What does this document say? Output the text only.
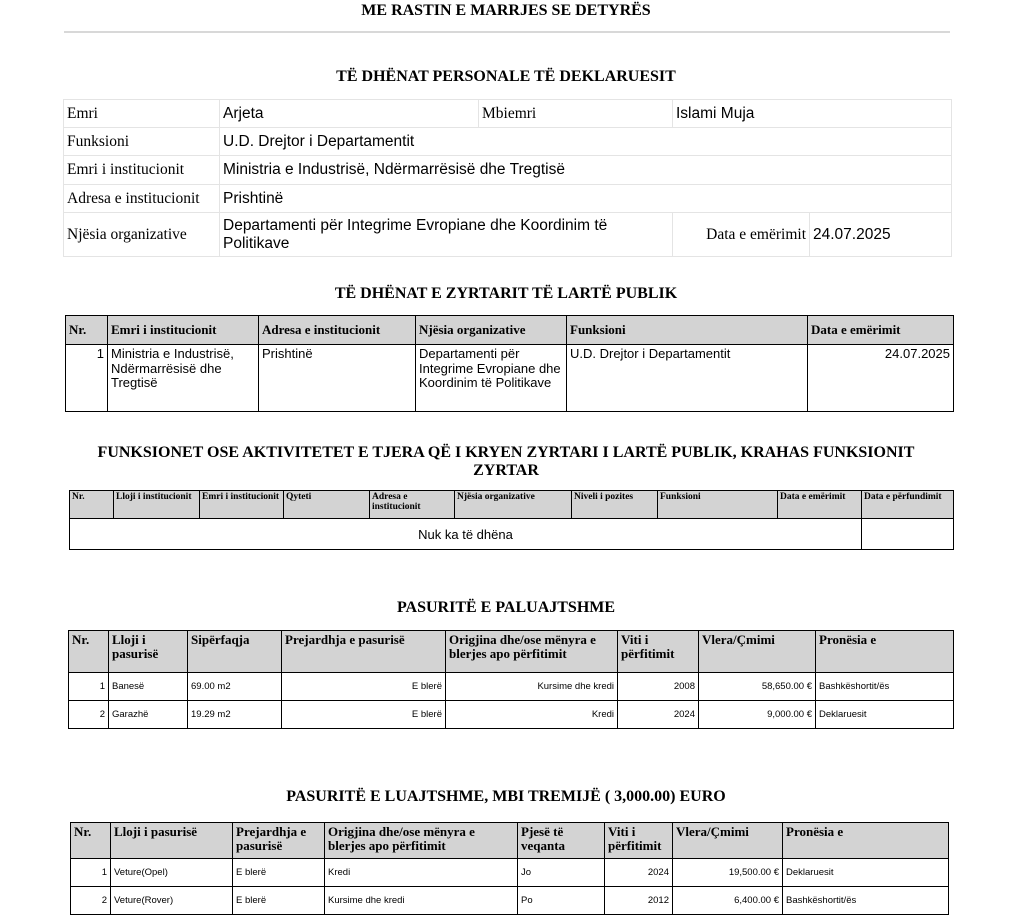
ME RASTIN E MARRJES SE DETYRËS
TË DHËNAT PERSONALE TË DEKLARUESIT
Emri	Arjeta	Mbiemri	Islami Muja	
Funksioni	U.D. Drejtor i Departamentit			
Emri i institucionit	Ministria e Industrisë, Ndërmarrësisë dhe Tregtisë			
Adresa e institucionit	Prishtinë			
Njësia organizative	Departamenti për Integrime Evropiane dhe Koordinim të Politikave		Data e emërimit	24.07.2025
TË DHËNAT E ZYRTARIT TË LARTË PUBLIK
Nr.	Emri i institucionit	Adresa e institucionit	Njësia organizative	Funksioni	Data e emërimit
1	Ministria e Industrisë, Ndërmarrësisë dhe Tregtisë	Prishtinë	Departamenti për Integrime Evropiane dhe Koordinim të Politikave	U.D. Drejtor i Departamentit	24.07.2025
FUNKSIONET OSE AKTIVITETET E TJERA QË I KRYEN ZYRTARI I LARTË PUBLIK, KRAHAS FUNKSIONIT ZYRTAR
Nr.	Lloji i institucionit	Emri i institucionit	Qyteti	Adresa e institucionit	Njësia organizative	Niveli i pozites	Funksioni	Data e emërimit	Data e përfundimit
Nuk ka të dhëna									
PASURITË E PALUAJTSHME
Nr.	Lloji i pasurisë	Sipërfaqja	Prejardhja e pasurisë	Origjina dhe/ose mënyra e blerjes apo përfitimit	Viti i përfitimit	Vlera/Çmimi	Pronësia e
1	Banesë	69.00 m2	E blerë	Kursime dhe kredi	2008	58,650.00 €	Bashkëshortit/ës
2	Garazhë	19.29 m2	E blerë	Kredi	2024	9,000.00 €	Deklaruesit
PASURITË E LUAJTSHME, MBI TREMIJË ( 3,000.00) EURO
Nr.	Lloji i pasurisë	Prejardhja e pasurisë	Origjina dhe/ose mënyra e blerjes apo përfitimit	Pjesë të veqanta	Viti i përfitimit	Vlera/Çmimi	Pronësia e
1	Veture(Opel)	E blerë	Kredi	Jo	2024	19,500.00 €	Deklaruesit
2	Veture(Rover)	E blerë	Kursime dhe kredi	Po	2012	6,400.00 €	Bashkëshortit/ës
